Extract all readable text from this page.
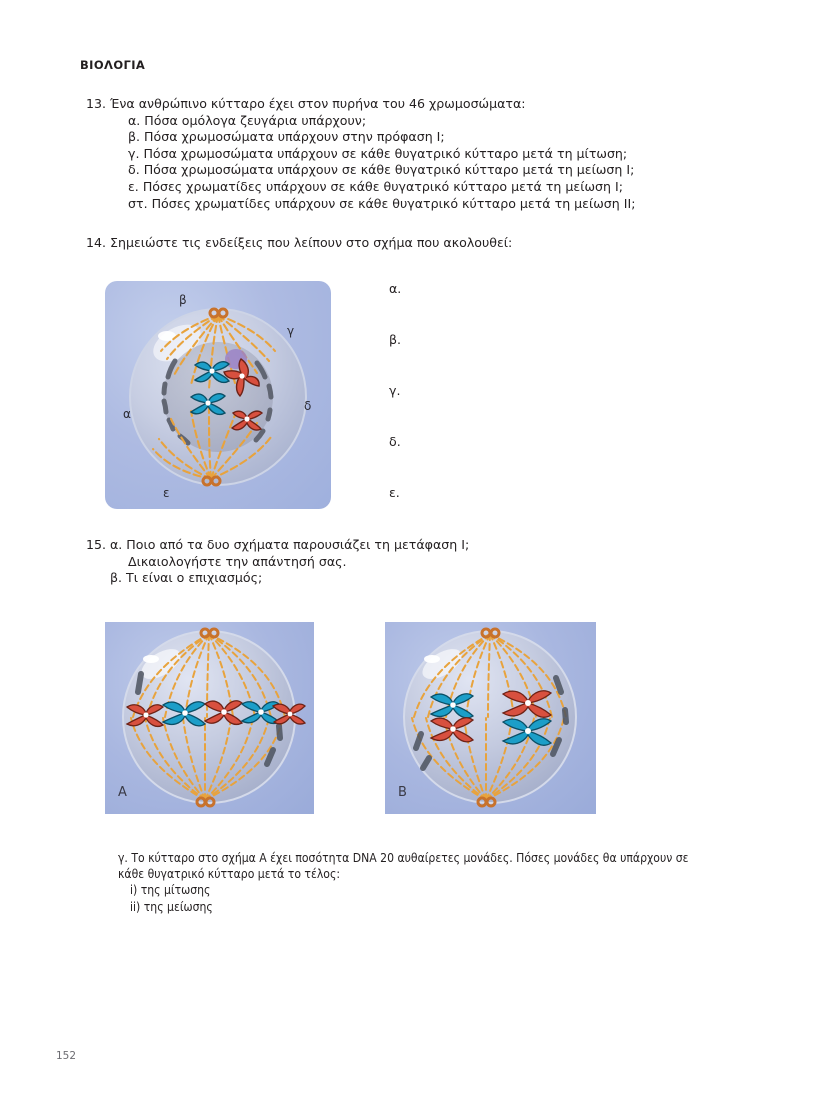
ΒΙΟΛΟΓΙΑ
13. Ένα ανθρώπινο κύτταρο έχει στον πυρήνα του 46 χρωμοσώματα:
α. Πόσα ομόλογα ζευγάρια υπάρχουν;
β. Πόσα χρωμοσώματα υπάρχουν στην πρόφαση I;
γ. Πόσα χρωμοσώματα υπάρχουν σε κάθε θυγατρικό κύτταρο μετά τη μίτωση;
δ. Πόσα χρωμοσώματα υπάρχουν σε κάθε θυγατρικό κύτταρο μετά τη μείωση I;
ε. Πόσες χρωματίδες υπάρχουν σε κάθε θυγατρικό κύτταρο μετά τη μείωση I;
στ. Πόσες χρωματίδες υπάρχουν σε κάθε θυγατρικό κύτταρο μετά τη μείωση II;
14. Σημειώστε τις ενδείξεις που λείπουν στο σχήμα που ακολουθεί:
α.
β.
γ.
δ.
ε.
β
γ
δ
α
ε
15. α. Ποιο από τα δυο σχήματα παρουσιάζει τη μετάφαση I;
Δικαιολογήστε την απάντησή σας.
β. Τι είναι ο επιχιασμός;
Α	Β
γ. Το κύτταρο στο σχήμα Α έχει ποσότητα DNA 20 αυθαίρετες μονάδες. Πόσες μονάδες θα υπάρχουν σε
κάθε θυγατρικό κύτταρο μετά το τέλος:
i) της μίτωσης
ii) της μείωσης
152
